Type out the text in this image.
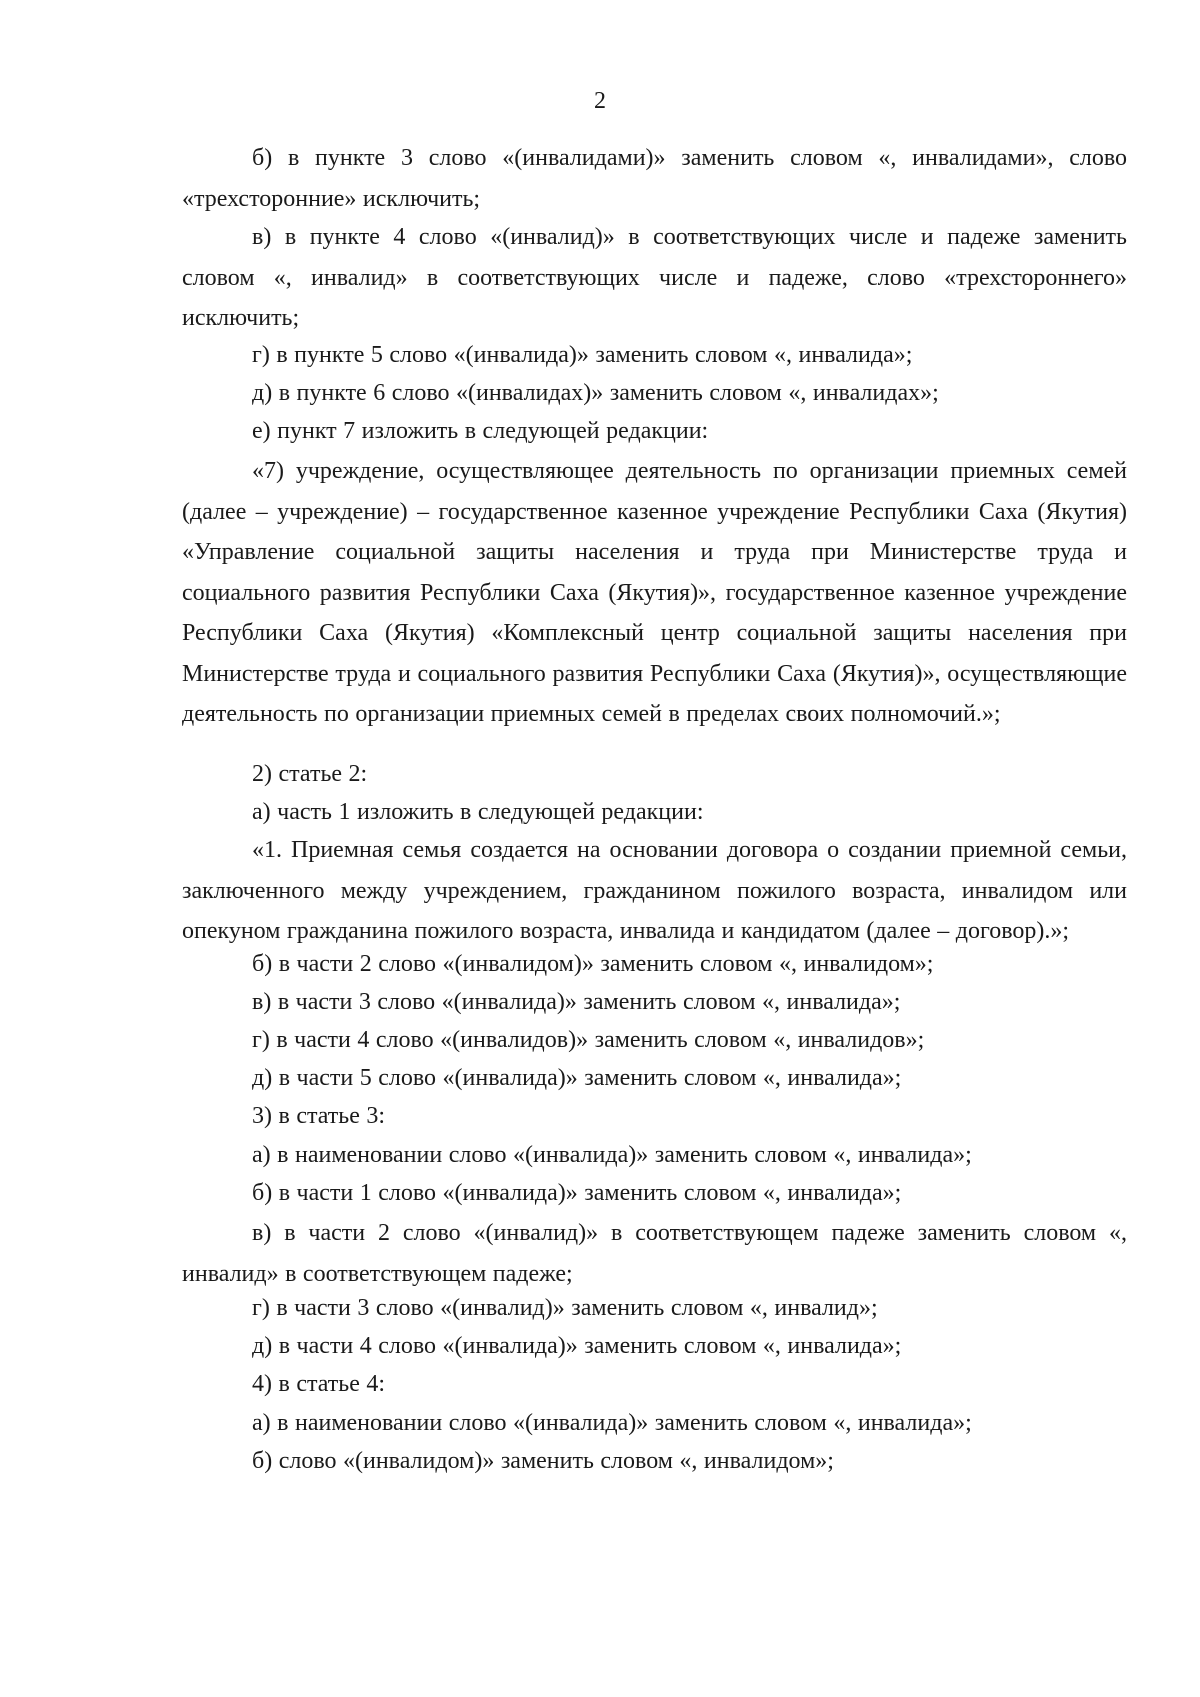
2

б) в пункте 3 слово «(инвалидами)» заменить словом «, инвалидами», слово «трехсторонние» исключить;

в) в пункте 4 слово «(инвалид)» в соответствующих числе и падеже заменить словом «, инвалид» в соответствующих числе и падеже, слово «трехстороннего» исключить;

г) в пункте 5 слово «(инвалида)» заменить словом «, инвалида»;

д) в пункте 6 слово «(инвалидах)» заменить словом «, инвалидах»;

е) пункт 7 изложить в следующей редакции:

«7) учреждение, осуществляющее деятельность по организации приемных семей (далее – учреждение) – государственное казенное учреждение Республики Саха (Якутия) «Управление социальной защиты населения и труда при Министерстве труда и социального развития Республики Саха (Якутия)», государственное казенное учреждение Республики Саха (Якутия) «Комплексный центр социальной защиты населения при Министерстве труда и социального развития Республики Саха (Якутия)», осуществляющие деятельность по организации приемных семей в пределах своих полномочий.»;

2) статье 2:

а) часть 1 изложить в следующей редакции:

«1. Приемная семья создается на основании договора о создании приемной семьи, заключенного между учреждением, гражданином пожилого возраста, инвалидом или опекуном гражданина пожилого возраста, инвалида и кандидатом (далее – договор).»;

б) в части 2 слово «(инвалидом)» заменить словом «, инвалидом»;

в) в части 3 слово «(инвалида)» заменить словом «, инвалида»;

г) в части 4 слово «(инвалидов)» заменить словом «, инвалидов»;

д) в части 5 слово «(инвалида)» заменить словом «, инвалида»;

3) в статье 3:

а) в наименовании слово «(инвалида)» заменить словом «, инвалида»;

б) в части 1 слово «(инвалида)» заменить словом «, инвалида»;

в) в части 2 слово «(инвалид)» в соответствующем падеже заменить словом «, инвалид» в соответствующем падеже;

г) в части 3 слово «(инвалид)» заменить словом «, инвалид»;

д) в части 4 слово «(инвалида)» заменить словом «, инвалида»;

4) в статье 4:

а) в наименовании слово «(инвалида)» заменить словом «, инвалида»;

б) слово «(инвалидом)» заменить словом «, инвалидом»;
